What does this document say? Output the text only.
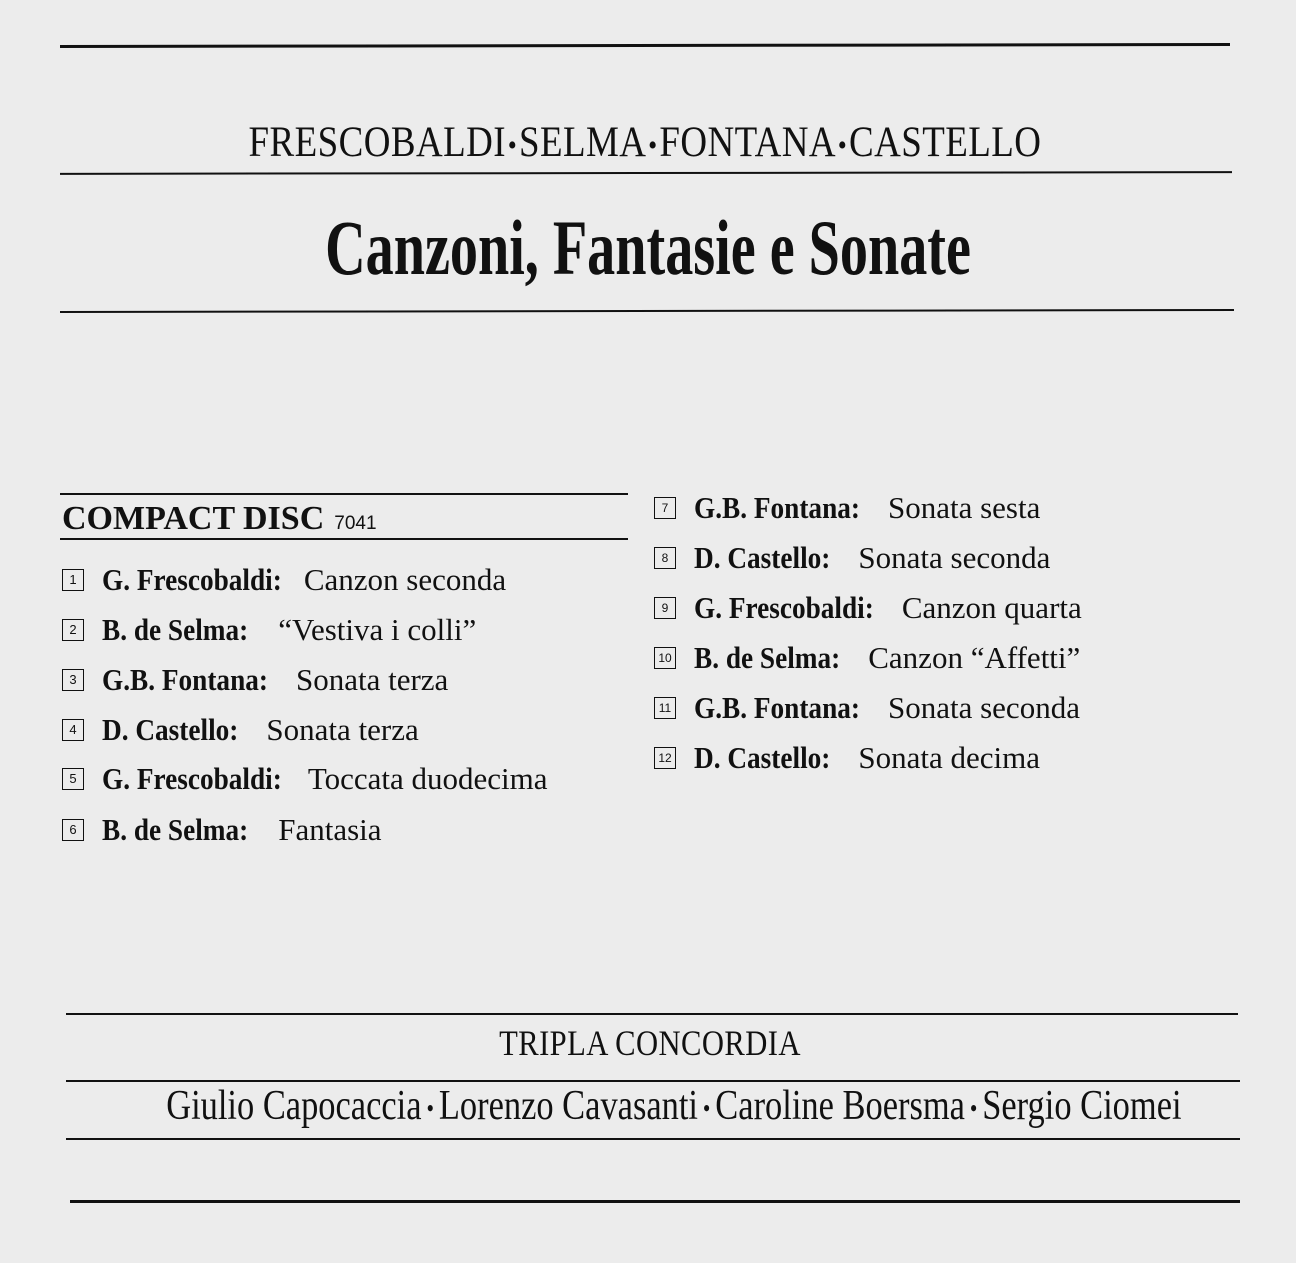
FRESCOBALDI•SELMA•FONTANA•CASTELLO
Canzoni, Fantasie e Sonate
COMPACT DISC 7041
1 G. Frescobaldi: Canzon seconda
2 B. de Selma: “Vestiva i colli”
3 G.B. Fontana: Sonata terza
4 D. Castello: Sonata terza
5 G. Frescobaldi: Toccata duodecima
6 B. de Selma: Fantasia
7 G.B. Fontana: Sonata sesta
8 D. Castello: Sonata seconda
9 G. Frescobaldi: Canzon quarta
10 B. de Selma: Canzon “Affetti”
11 G.B. Fontana: Sonata seconda
12 D. Castello: Sonata decima
TRIPLA CONCORDIA
Giulio Capocaccia • Lorenzo Cavasanti • Caroline Boersma • Sergio Ciomei
